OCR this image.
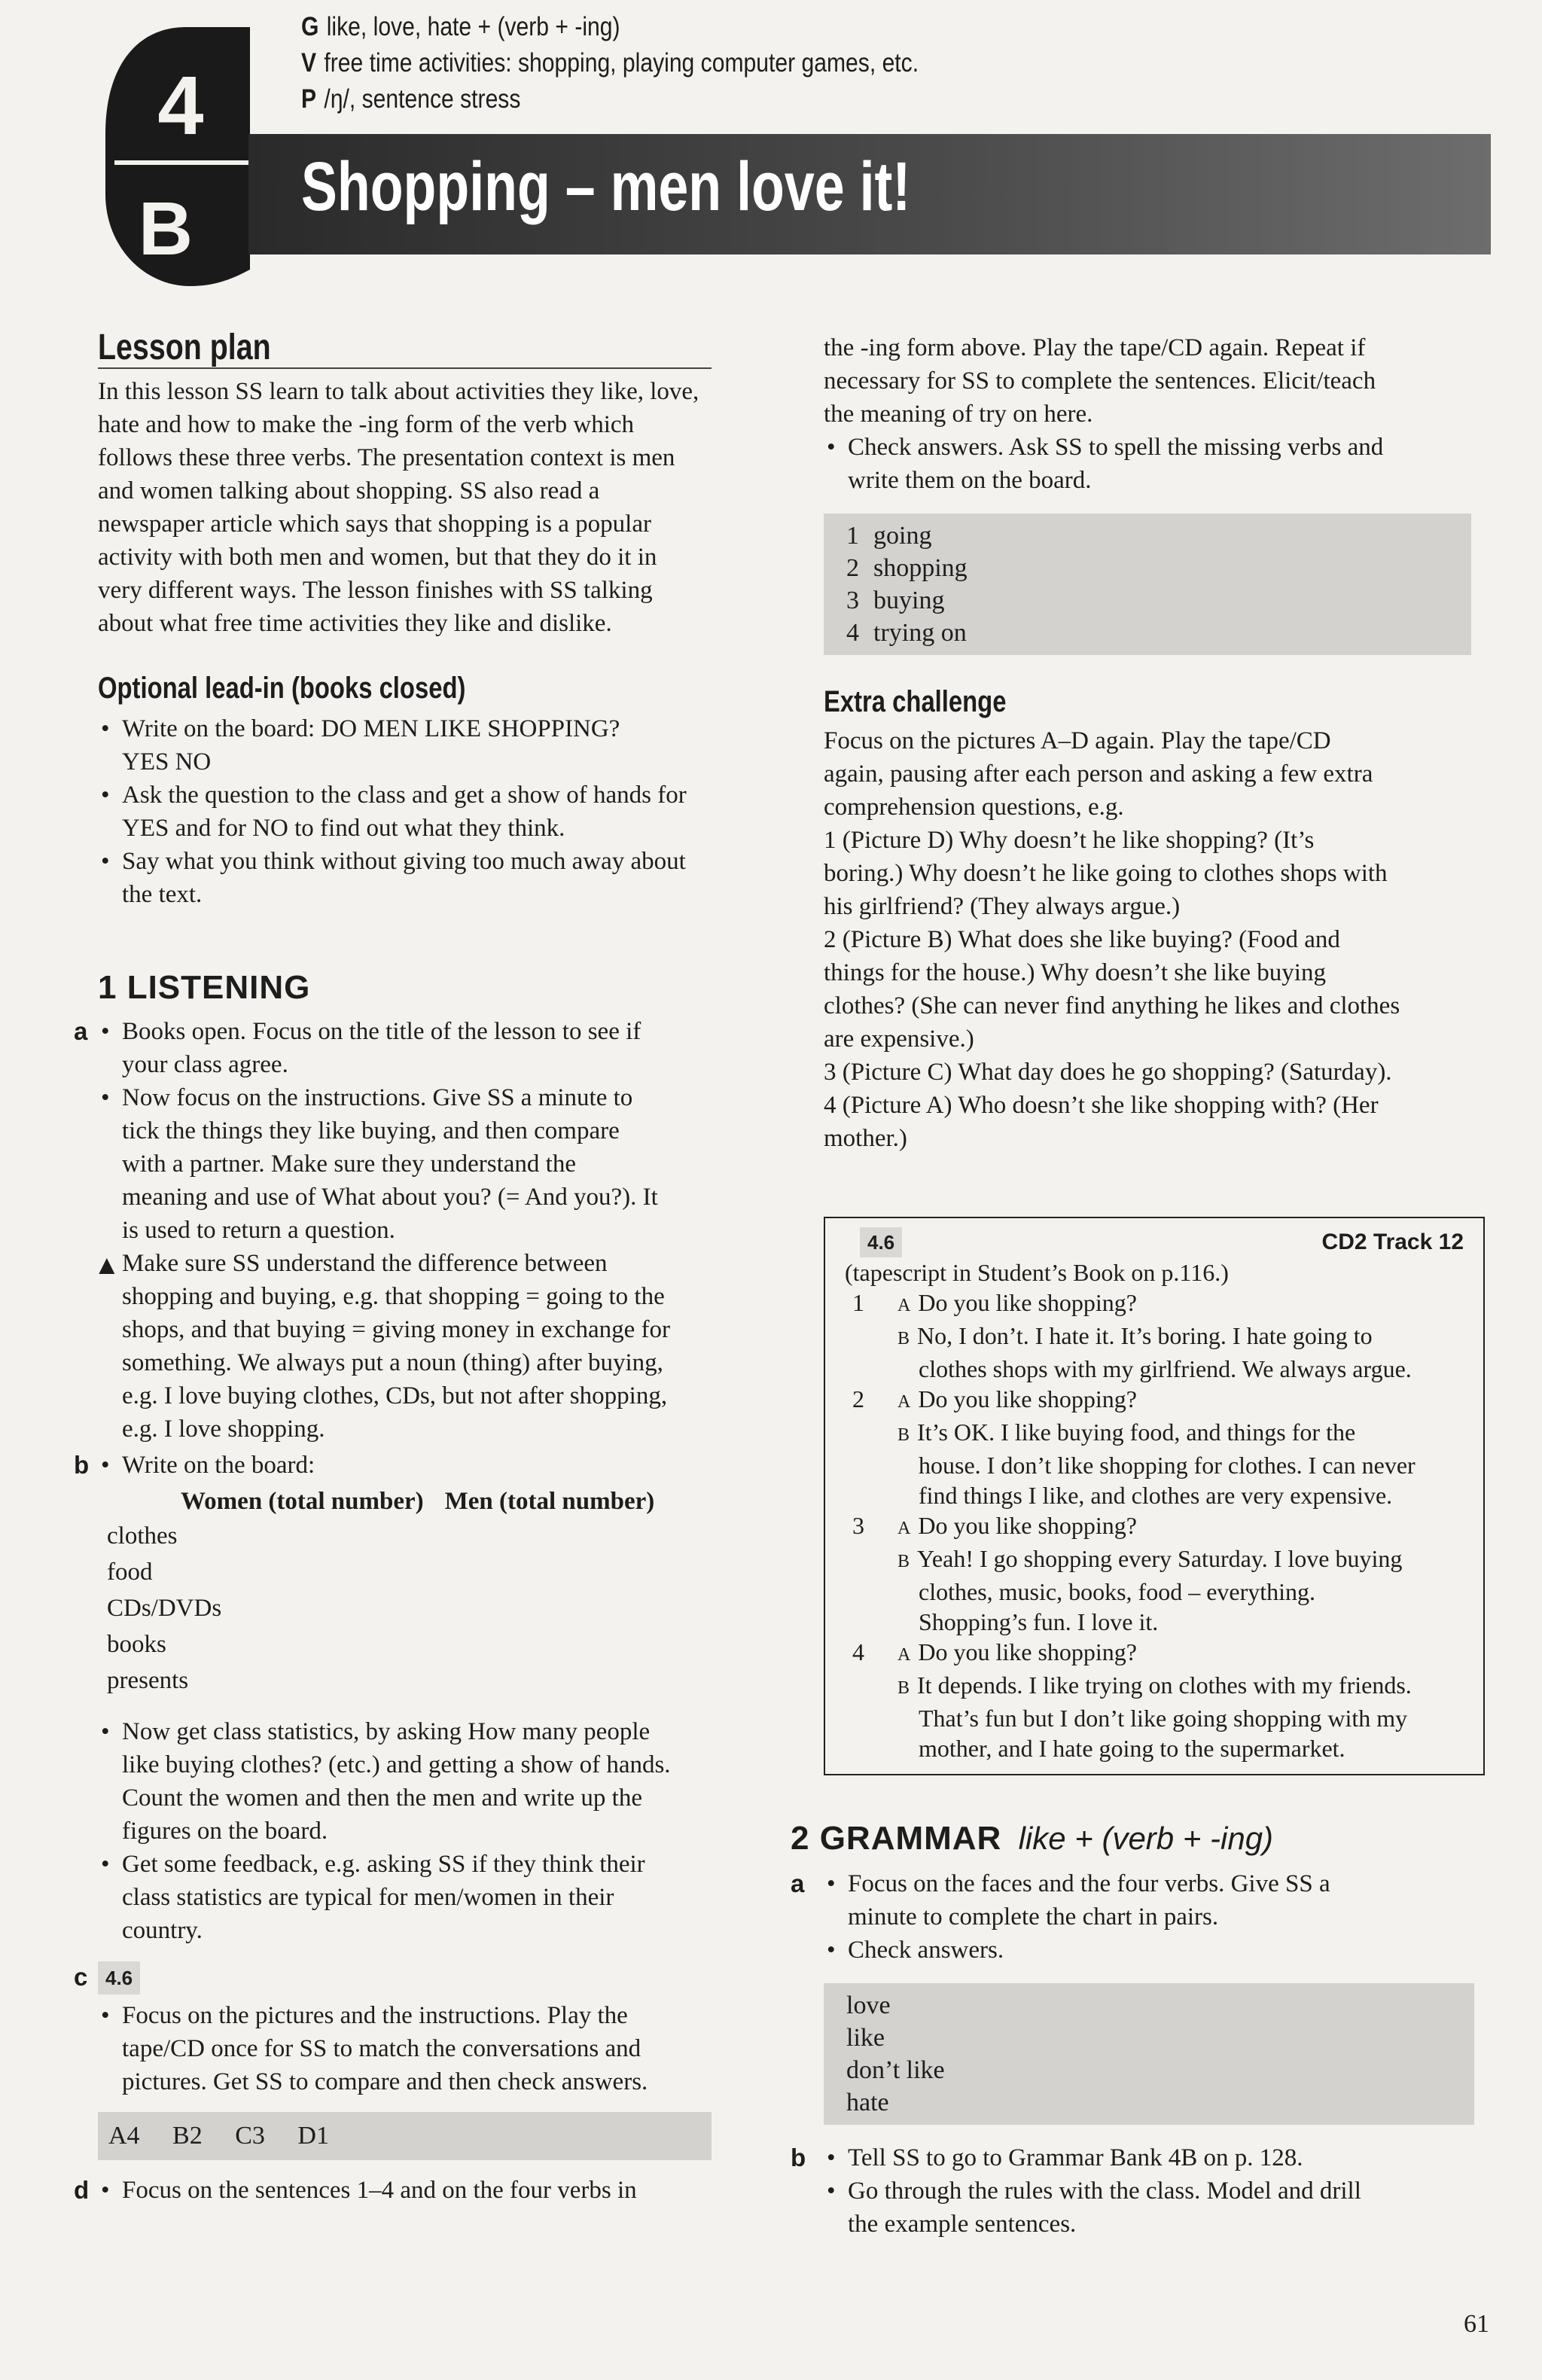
4
B
G like, love, hate + (verb + -ing)
V free time activities: shopping, playing computer games, etc.
P /ŋ/, sentence stress
Shopping – men love it!
Lesson plan
In this lesson SS learn to talk about activities they like, love,
hate and how to make the -ing form of the verb which
follows these three verbs. The presentation context is men
and women talking about shopping. SS also read a
newspaper article which says that shopping is a popular
activity with both men and women, but that they do it in
very different ways. The lesson finishes with SS talking
about what free time activities they like and dislike.
Optional lead-in (books closed)
• Write on the board: DO MEN LIKE SHOPPING?
YES NO
• Ask the question to the class and get a show of hands for
YES and for NO to find out what they think.
• Say what you think without giving too much away about
the text.
1 LISTENING
a • Books open. Focus on the title of the lesson to see if
your class agree.
• Now focus on the instructions. Give SS a minute to
tick the things they like buying, and then compare
with a partner. Make sure they understand the
meaning and use of What about you? (= And you?). It
is used to return a question.
▲ Make sure SS understand the difference between
shopping and buying, e.g. that shopping = going to the
shops, and that buying = giving money in exchange for
something. We always put a noun (thing) after buying,
e.g. I love buying clothes, CDs, but not after shopping,
e.g. I love shopping.
b	• Write on the board:
Women (total number) Men (total number)
clothes
food
CDs/DVDs
books
presents
• Now get class statistics, by asking How many people
like buying clothes? (etc.) and getting a show of hands.
Count the women and then the men and write up the
figures on the board.
• Get some feedback, e.g. asking SS if they think their
class statistics are typical for men/women in their
country.
c 4.6
• Focus on the pictures and the instructions. Play the
tape/CD once for SS to match the conversations and
pictures. Get SS to compare and then check answers.
A4   B2   C3   D1
d	• Focus on the sentences 1–4 and on the four verbs in
the -ing form above. Play the tape/CD again. Repeat if
necessary for SS to complete the sentences. Elicit/teach
the meaning of try on here.
• Check answers. Ask SS to spell the missing verbs and
write them on the board.
1 going
2 shopping
3 buying
4 trying on
Extra challenge
Focus on the pictures A–D again. Play the tape/CD
again, pausing after each person and asking a few extra
comprehension questions, e.g.
1 (Picture D) Why doesn’t he like shopping? (It’s
boring.) Why doesn’t he like going to clothes shops with
his girlfriend? (They always argue.)
2 (Picture B) What does she like buying? (Food and
things for the house.) Why doesn’t she like buying
clothes? (She can never find anything he likes and clothes
are expensive.)
3 (Picture C) What day does he go shopping? (Saturday).
4 (Picture A) Who doesn’t she like shopping with? (Her
mother.)
4.6	CD2 Track 12
(tapescript in Student’s Book on p.116.)
1 A Do you like shopping?
B No, I don’t. I hate it. It’s boring. I hate going to
clothes shops with my girlfriend. We always argue.
2 A Do you like shopping?
B It’s OK. I like buying food, and things for the
house. I don’t like shopping for clothes. I can never
find things I like, and clothes are very expensive.
3 A Do you like shopping?
B Yeah! I go shopping every Saturday. I love buying
clothes, music, books, food – everything.
Shopping’s fun. I love it.
4 A Do you like shopping?
B It depends. I like trying on clothes with my friends.
That’s fun but I don’t like going shopping with my
mother, and I hate going to the supermarket.
2 GRAMMAR like + (verb + -ing)
a • Focus on the faces and the four verbs. Give SS a
minute to complete the chart in pairs.
• Check answers.
love
like
don’t like
hate
b	• Tell SS to go to Grammar Bank 4B on p. 128.
• Go through the rules with the class. Model and drill
the example sentences.
61
